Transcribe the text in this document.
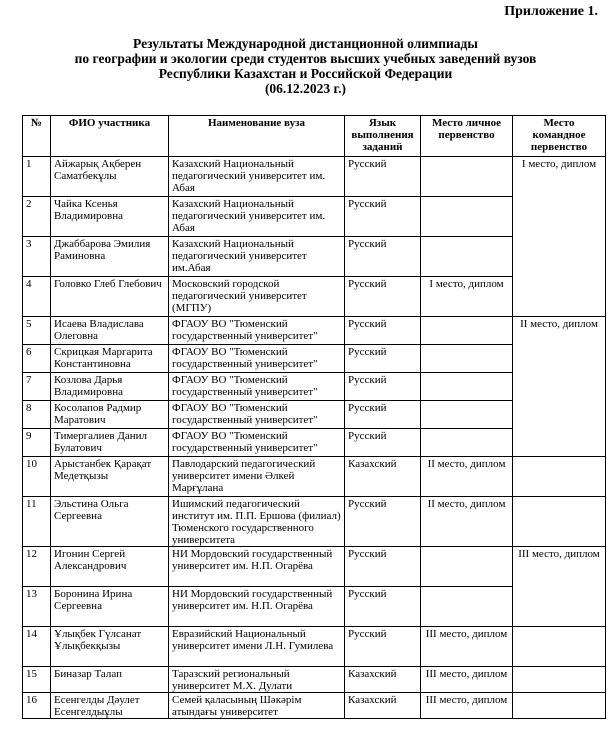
Приложение 1.
Результаты Международной дистанционной олимпиады
по географии и экологии среди студентов высших учебных заведений вузов
Республики Казахстан и Российской Федерации
(06.12.2023 г.)
№	ФИО участника	Наименование вуза	Язык выполнения заданий	Место личное первенство	Место командное первенство
1	Айжарық Ақберен Саматбекұлы	Казахский Национальный педагогический университет им. Абая	Русский		I место, диплом
2	Чайка Ксенья Владимировна	Казахский Национальный педагогический университет им. Абая	Русский		
3	Джаббарова Эмилия Раминовна	Казахский Национальный педагогический университет им.Абая	Русский		
4	Головко Глеб Глебович	Московский городской педагогический университет (МГПУ)	Русский	I место, диплом	
5	Исаева Владислава Олеговна	ФГАОУ ВО "Тюменский государственный университет"	Русский		II место, диплом
6	Скрицкая Маргарита Константиновна	ФГАОУ ВО "Тюменский государственный университет"	Русский		
7	Козлова Дарья Владимировна	ФГАОУ ВО "Тюменский государственный университет"	Русский		
8	Косолапов Радмир Маратович	ФГАОУ ВО "Тюменский государственный университет"	Русский		
9	Тимергалиев Данил Булатович	ФГАОУ ВО "Тюменский государственный университет"	Русский		
10	Арыстанбек Қарақат Медетқызы	Павлодарский педагогический университет имени Әлкей Марғұлана	Казахский	II место, диплом	
11	Эльстина Ольга Сергеевна	Ишимский педагогический институт им. П.П. Ершова (филиал) Тюменского государственного университета	Русский	II место, диплом	
12	Игонин Сергей Александрович	НИ Мордовский государственный университет им. Н.П. Огарёва	Русский		III место, диплом
13	Боронина Ирина Сергеевна	НИ Мордовский государственный университет им. Н.П. Огарёва	Русский		
14	Ұлықбек Гүлсанат Ұлықбекқызы	Евразийский Национальный университет имени Л.Н. Гумилева	Русский	III место, диплом	
15	Биназар Талап	Таразский региональный университет М.Х. Дулати	Казахский	III место, диплом	
16	Есенгелды Дәулет Есенгелдыұлы	Семей қаласының Шәкәрім атындағы университет	Казахский	III место, диплом	
